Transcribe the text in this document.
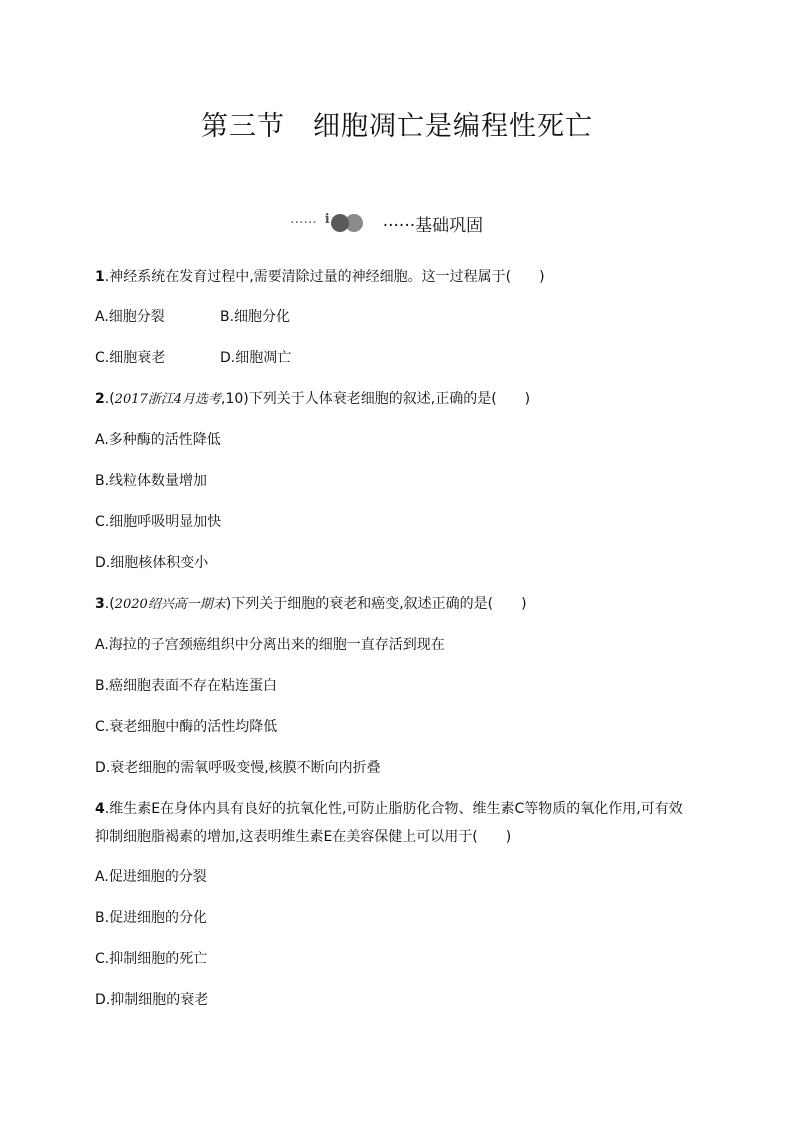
第三节　细胞凋亡是编程性死亡
······ i	······基础巩固
1.神经系统在发育过程中,需要清除过量的神经细胞。这一过程属于(　　)
A.细胞分裂	B.细胞分化
C.细胞衰老	D.细胞凋亡
2.(2017浙江4月选考,10)下列关于人体衰老细胞的叙述,正确的是(　　)
A.多种酶的活性降低
B.线粒体数量增加
C.细胞呼吸明显加快
D.细胞核体积变小
3.(2020绍兴高一期末)下列关于细胞的衰老和癌变,叙述正确的是(　　)
A.海拉的子宫颈癌组织中分离出来的细胞一直存活到现在
B.癌细胞表面不存在粘连蛋白
C.衰老细胞中酶的活性均降低
D.衰老细胞的需氧呼吸变慢,核膜不断向内折叠
4.维生素E在身体内具有良好的抗氧化性,可防止脂肪化合物、维生素C等物质的氧化作用,可有效
抑制细胞脂褐素的增加,这表明维生素E在美容保健上可以用于(　　)
A.促进细胞的分裂
B.促进细胞的分化
C.抑制细胞的死亡
D.抑制细胞的衰老
